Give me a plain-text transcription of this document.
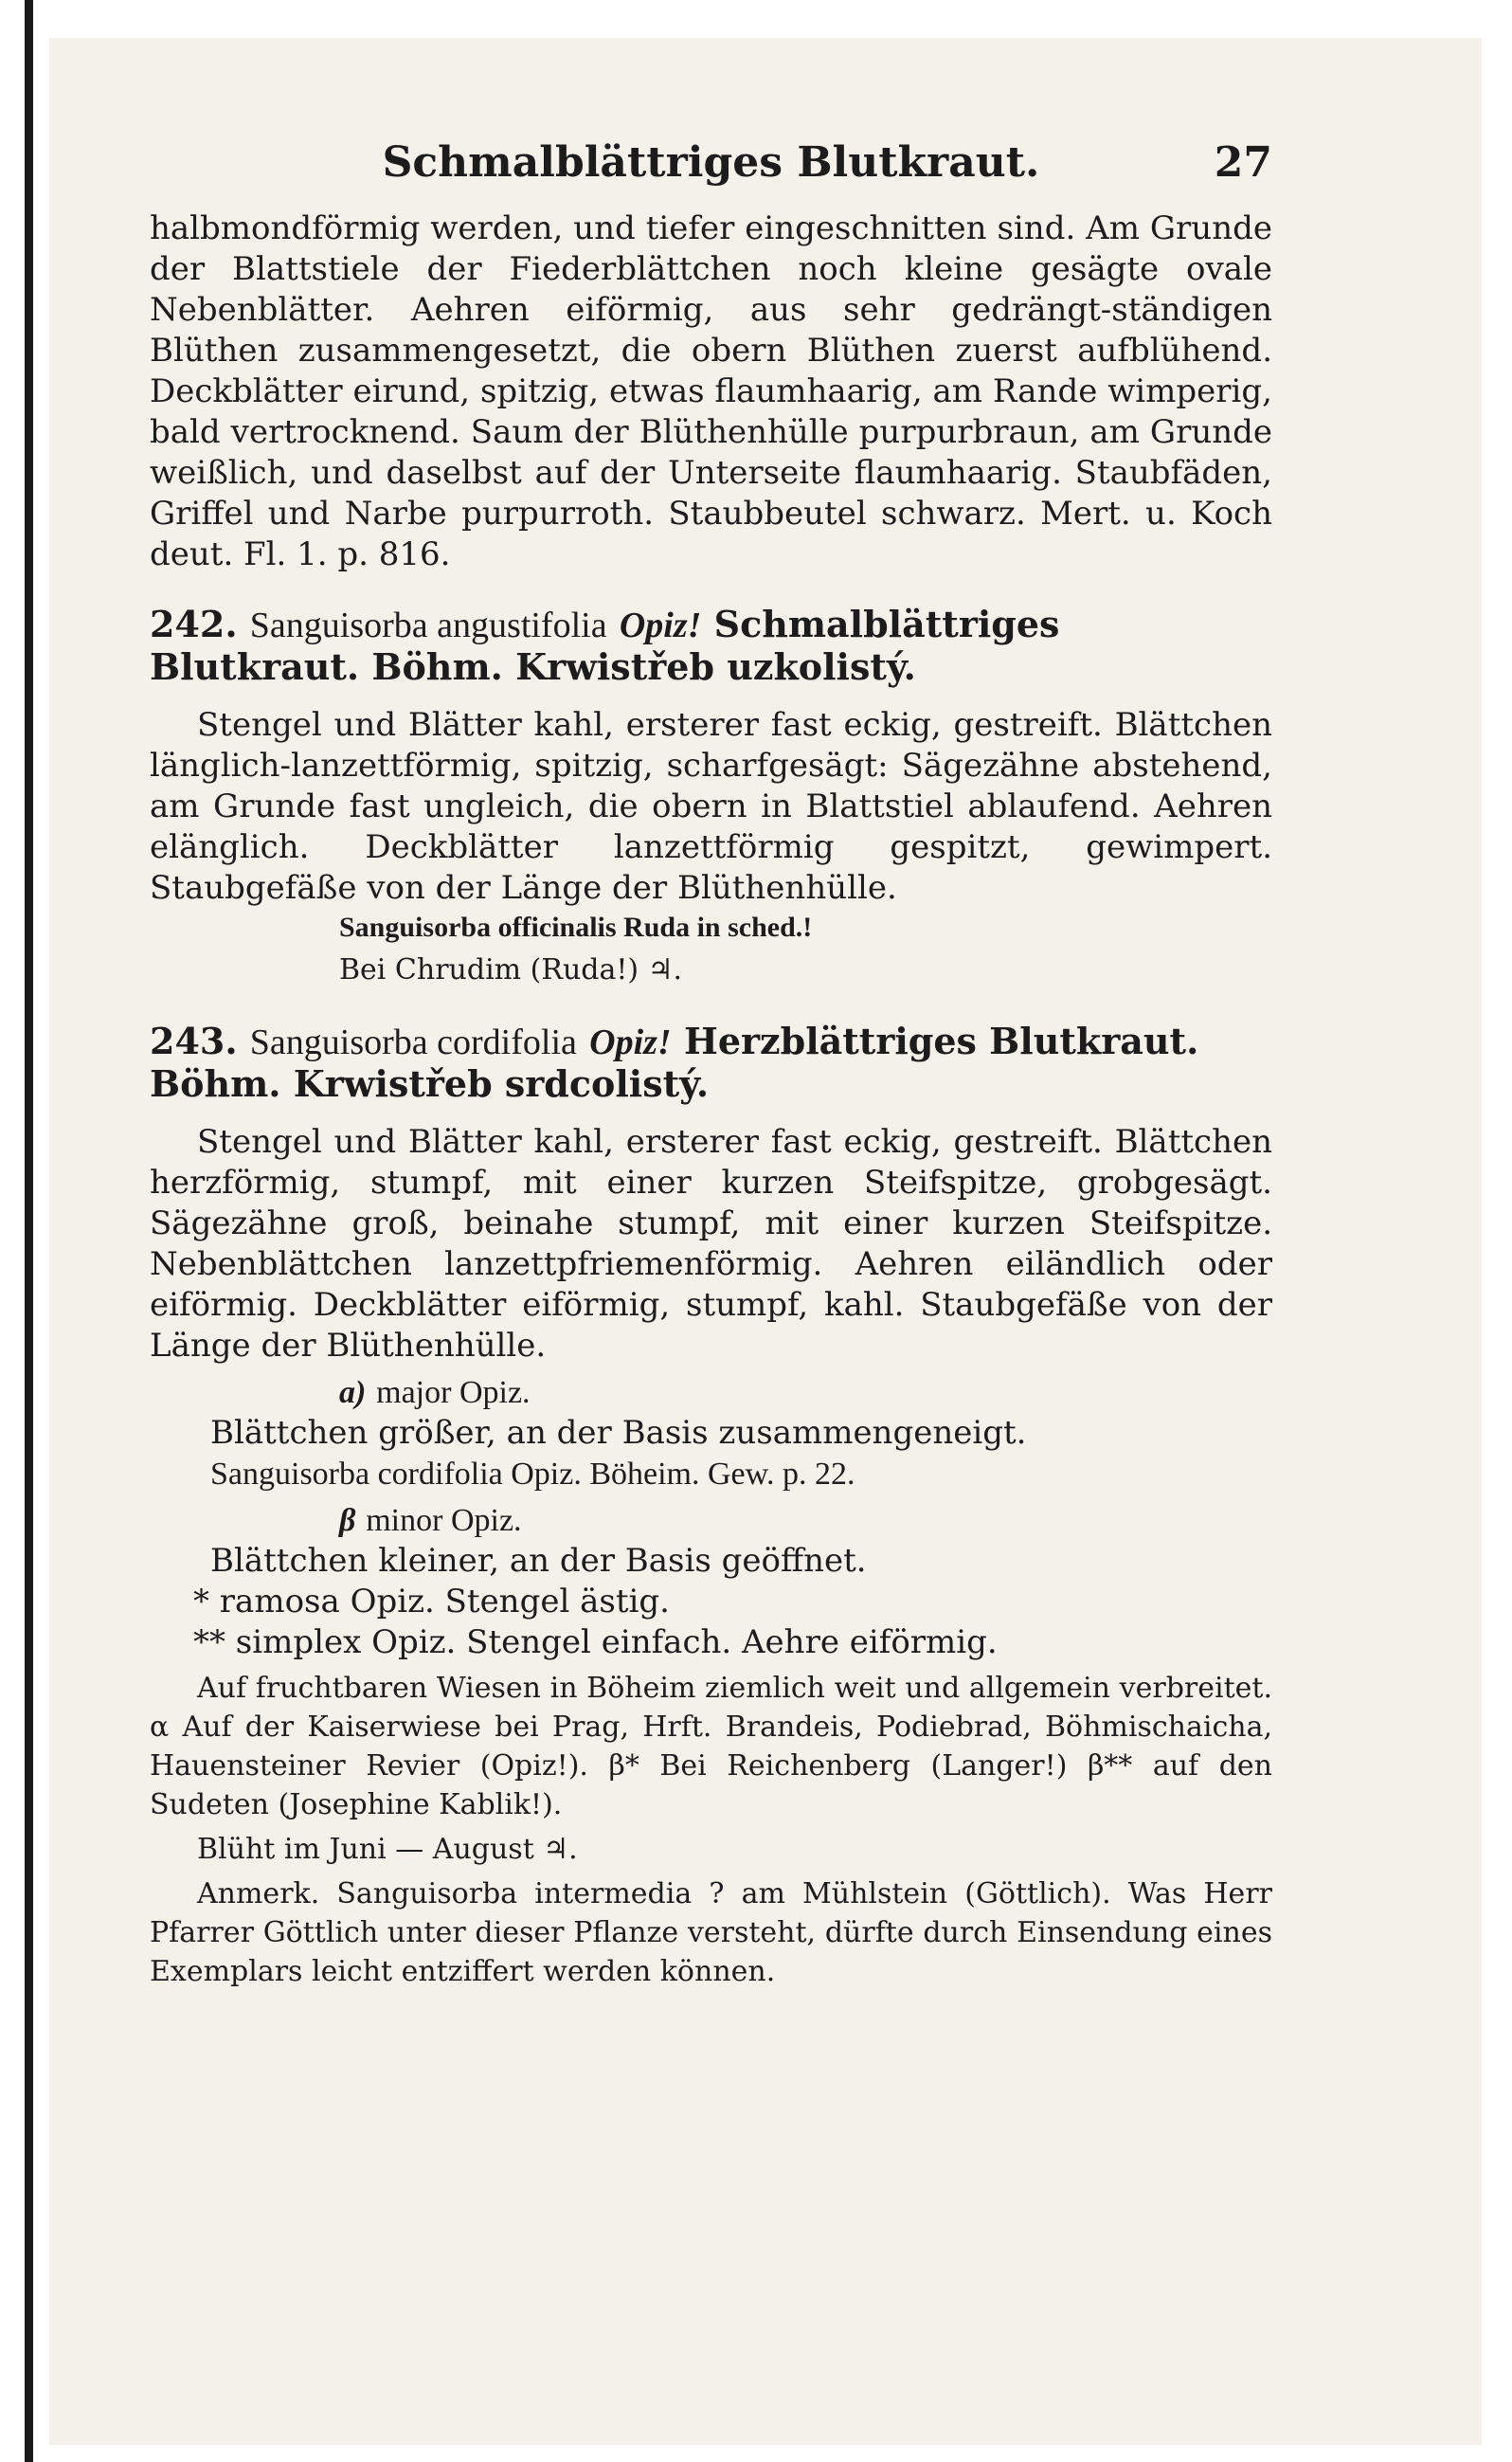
Schmalblättriges Blutkraut.	27

halbmondförmig werden, und tiefer eingeschnitten sind. Am Grunde der Blattstiele der Fiederblättchen noch kleine gesägte ovale Nebenblätter. Aehren eiförmig, aus sehr gedrängt-ständigen Blüthen zusammengesetzt, die obern Blüthen zuerst aufblühend. Deckblätter eirund, spitzig, etwas flaumhaarig, am Rande wimperig, bald vertrocknend. Saum der Blüthenhülle purpurbraun, am Grunde weißlich, und daselbst auf der Unterseite flaumhaarig. Staubfäden, Griffel und Narbe purpurroth. Staubbeutel schwarz. Mert. u. Koch deut. Fl. 1. p. 816.

242. Sanguisorba angustifolia Opiz! Schmalblättriges Blutkraut. Böhm. Krwistřeb uzkolistý.

Stengel und Blätter kahl, ersterer fast eckig, gestreift. Blättchen länglich-lanzettförmig, spitzig, scharfgesägt: Sägezähne abstehend, am Grunde fast ungleich, die obern in Blattstiel ablaufend. Aehren elänglich. Deckblätter lanzettförmig gespitzt, gewimpert. Staubgefäße von der Länge der Blüthenhülle.

Sanguisorba officinalis Ruda in sched.!

Bei Chrudim (Ruda!) ♃.

243. Sanguisorba cordifolia Opiz! Herzblättriges Blutkraut. Böhm. Krwistřeb srdcolistý.

Stengel und Blätter kahl, ersterer fast eckig, gestreift. Blättchen herzförmig, stumpf, mit einer kurzen Steifspitze, grobgesägt. Sägezähne groß, beinahe stumpf, mit einer kurzen Steifspitze. Nebenblättchen lanzettpfriemenförmig. Aehren eiländlich oder eiförmig. Deckblätter eiförmig, stumpf, kahl. Staubgefäße von der Länge der Blüthenhülle.

a) major Opiz.
Blättchen größer, an der Basis zusammengeneigt.
Sanguisorba cordifolia Opiz. Böheim. Gew. p. 22.
β minor Opiz.
Blättchen kleiner, an der Basis geöffnet.
* ramosa Opiz. Stengel ästig.
** simplex Opiz. Stengel einfach. Aehre eiförmig.

Auf fruchtbaren Wiesen in Böheim ziemlich weit und allgemein verbreitet. α Auf der Kaiserwiese bei Prag, Hrft. Brandeis, Podiebrad, Böhmischaicha, Hauensteiner Revier (Opiz!). β* Bei Reichenberg (Langer!) β** auf den Sudeten (Josephine Kablik!).

Blüht im Juni — August ♃.

Anmerk. Sanguisorba intermedia ? am Mühlstein (Göttlich). Was Herr Pfarrer Göttlich unter dieser Pflanze versteht, dürfte durch Einsendung eines Exemplars leicht entziffert werden können.
